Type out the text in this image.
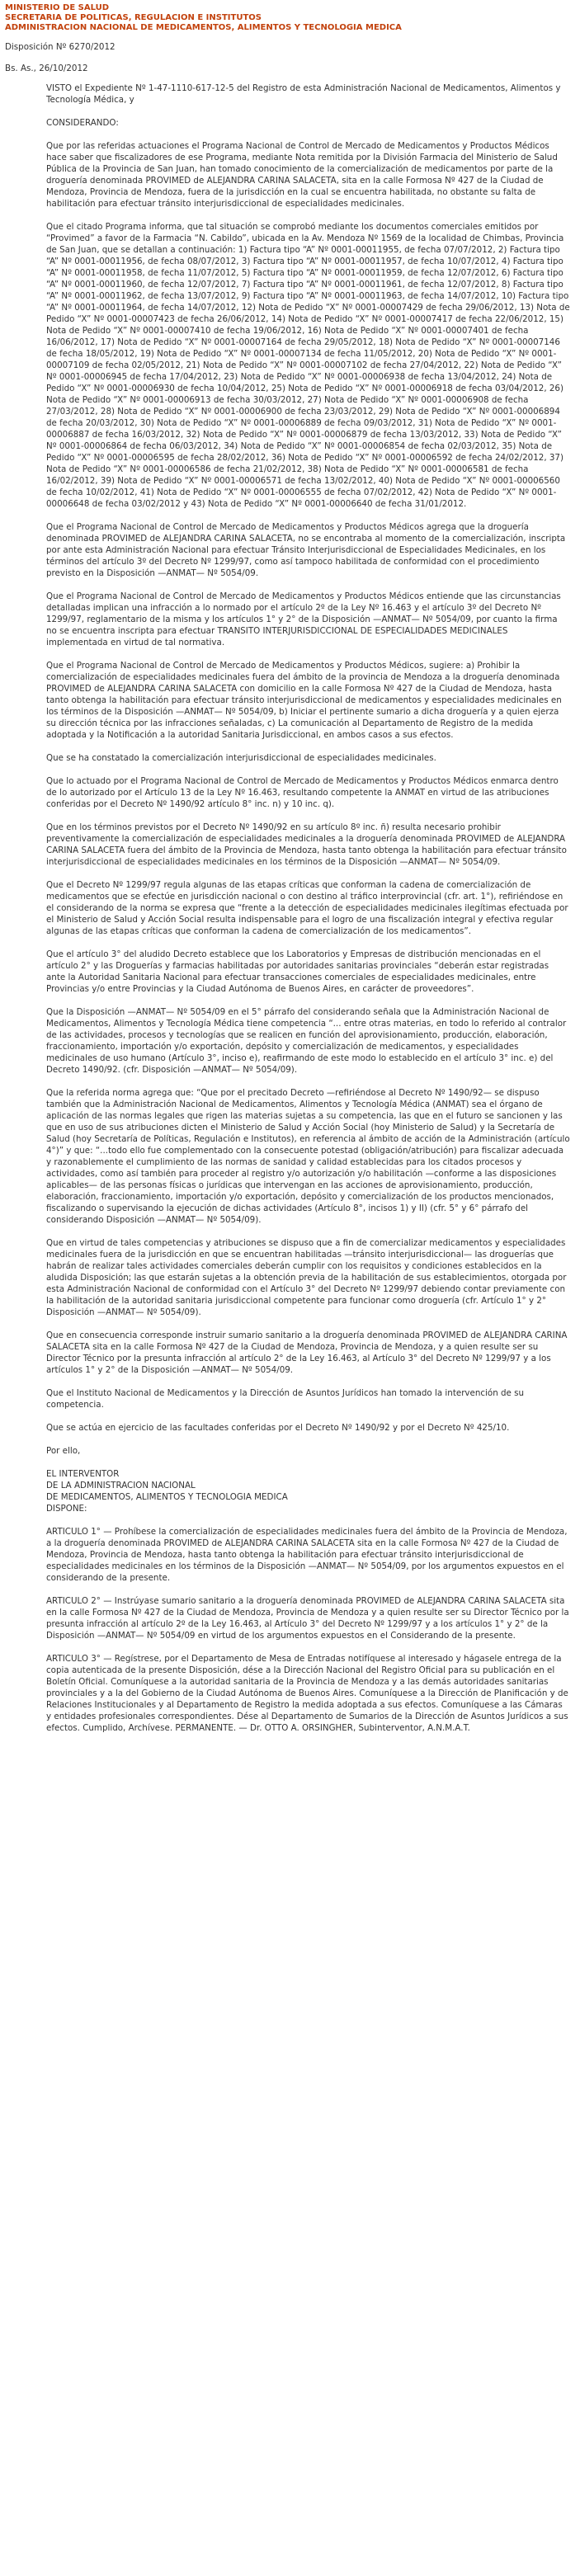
MINISTERIO DE SALUD
SECRETARIA DE POLITICAS, REGULACION E INSTITUTOS
ADMINISTRACION NACIONAL DE MEDICAMENTOS, ALIMENTOS Y TECNOLOGIA MEDICA
Disposición Nº 6270/2012
Bs. As., 26/10/2012

VISTO el Expediente Nº 1-47-1110-617-12-5 del Registro de esta Administración Nacional de Medicamentos, Alimentos y Tecnología Médica, y

CONSIDERANDO:

Que por las referidas actuaciones el Programa Nacional de Control de Mercado de Medicamentos y Productos Médicos hace saber que fiscalizadores de ese Programa, mediante Nota remitida por la División Farmacia del Ministerio de Salud Pública de la Provincia de San Juan, han tomado conocimiento de la comercialización de medicamentos por parte de la droguería denominada PROVIMED de ALEJANDRA CARINA SALACETA, sita en la calle Formosa Nº 427 de la Ciudad de Mendoza, Provincia de Mendoza, fuera de la jurisdicción en la cual se encuentra habilitada, no obstante su falta de habilitación para efectuar tránsito interjurisdiccional de especialidades medicinales.

Que el citado Programa informa, que tal situación se comprobó mediante los documentos comerciales emitidos por “Provimed” a favor de la Farmacia “N. Cabildo”, ubicada en la Av. Mendoza Nº 1569 de la localidad de Chimbas, Provincia de San Juan, que se detallan a continuación: 1) Factura tipo “A” Nº 0001-00011955, de fecha 07/07/2012, 2) Factura tipo “A” Nº 0001-00011956, de fecha 08/07/2012, 3) Factura tipo “A” Nº 0001-00011957, de fecha 10/07/2012, 4) Factura tipo “A” Nº 0001-00011958, de fecha 11/07/2012, 5) Factura tipo “A” Nº 0001-00011959, de fecha 12/07/2012, 6) Factura tipo “A” Nº 0001-00011960, de fecha 12/07/2012, 7) Factura tipo “A” Nº 0001-00011961, de fecha 12/07/2012, 8) Factura tipo “A” Nº 0001-00011962, de fecha 13/07/2012, 9) Factura tipo “A” Nº 0001-00011963, de fecha 14/07/2012, 10) Factura tipo “A” Nº 0001-00011964, de fecha 14/07/2012, 12) Nota de Pedido “X” Nº 0001-00007429 de fecha 29/06/2012, 13) Nota de Pedido “X” Nº 0001-00007423 de fecha 26/06/2012, 14) Nota de Pedido “X” Nº 0001-00007417 de fecha 22/06/2012, 15) Nota de Pedido “X” Nº 0001-00007410 de fecha 19/06/2012, 16) Nota de Pedido “X” Nº 0001-00007401 de fecha 16/06/2012, 17) Nota de Pedido “X” Nº 0001-00007164 de fecha 29/05/2012, 18) Nota de Pedido “X” Nº 0001-00007146 de fecha 18/05/2012, 19) Nota de Pedido “X” Nº 0001-00007134 de fecha 11/05/2012, 20) Nota de Pedido “X” Nº 0001-00007109 de fecha 02/05/2012, 21) Nota de Pedido “X” Nº 0001-00007102 de fecha 27/04/2012, 22) Nota de Pedido “X” Nº 0001-00006945 de fecha 17/04/2012, 23) Nota de Pedido “X” Nº 0001-00006938 de fecha 13/04/2012, 24) Nota de Pedido “X” Nº 0001-00006930 de fecha 10/04/2012, 25) Nota de Pedido “X” Nº 0001-00006918 de fecha 03/04/2012, 26) Nota de Pedido “X” Nº 0001-00006913 de fecha 30/03/2012, 27) Nota de Pedido “X” Nº 0001-00006908 de fecha 27/03/2012, 28) Nota de Pedido “X” Nº 0001-00006900 de fecha 23/03/2012, 29) Nota de Pedido “X” Nº 0001-00006894 de fecha 20/03/2012, 30) Nota de Pedido “X” Nº 0001-00006889 de fecha 09/03/2012, 31) Nota de Pedido “X” Nº 0001-00006887 de fecha 16/03/2012, 32) Nota de Pedido “X” Nº 0001-00006879 de fecha 13/03/2012, 33) Nota de Pedido “X” Nº 0001-00006864 de fecha 06/03/2012, 34) Nota de Pedido “X” Nº 0001-00006854 de fecha 02/03/2012, 35) Nota de Pedido “X” Nº 0001-00006595 de fecha 28/02/2012, 36) Nota de Pedido “X” Nº 0001-00006592 de fecha 24/02/2012, 37) Nota de Pedido “X” Nº 0001-00006586 de fecha 21/02/2012, 38) Nota de Pedido “X” Nº 0001-00006581 de fecha 16/02/2012, 39) Nota de Pedido “X” Nº 0001-00006571 de fecha 13/02/2012, 40) Nota de Pedido “X” Nº 0001-00006560 de fecha 10/02/2012, 41) Nota de Pedido “X” Nº 0001-00006555 de fecha 07/02/2012, 42) Nota de Pedido “X” Nº 0001-00006648 de fecha 03/02/2012 y 43) Nota de Pedido “X” Nº 0001-00006640 de fecha 31/01/2012.

Que el Programa Nacional de Control de Mercado de Medicamentos y Productos Médicos agrega que la droguería denominada PROVIMED de ALEJANDRA CARINA SALACETA, no se encontraba al momento de la comercialización, inscripta por ante esta Administración Nacional para efectuar Tránsito Interjurisdiccional de Especialidades Medicinales, en los términos del artículo 3º del Decreto Nº 1299/97, como así tampoco habilitada de conformidad con el procedimiento previsto en la Disposición —ANMAT— Nº 5054/09.

Que el Programa Nacional de Control de Mercado de Medicamentos y Productos Médicos entiende que las circunstancias detalladas implican una infracción a lo normado por el artículo 2º de la Ley Nº 16.463 y el artículo 3º del Decreto Nº 1299/97, reglamentario de la misma y los artículos 1° y 2° de la Disposición —ANMAT— Nº 5054/09, por cuanto la firma no se encuentra inscripta para efectuar TRANSITO INTERJURISDICCIONAL DE ESPECIALIDADES MEDICINALES implementada en virtud de tal normativa.

Que el Programa Nacional de Control de Mercado de Medicamentos y Productos Médicos, sugiere: a) Prohibir la comercialización de especialidades medicinales fuera del ámbito de la provincia de Mendoza a la droguería denominada PROVIMED de ALEJANDRA CARINA SALACETA con domicilio en la calle Formosa Nº 427 de la Ciudad de Mendoza, hasta tanto obtenga la habilitación para efectuar tránsito interjurisdiccional de medicamentos y especialidades medicinales en los términos de la Disposición —ANMAT— Nº 5054/09, b) Iniciar el pertinente sumario a dicha droguería y a quien ejerza su dirección técnica por las infracciones señaladas, c) La comunicación al Departamento de Registro de la medida adoptada y la Notificación a la autoridad Sanitaria Jurisdiccional, en ambos casos a sus efectos.

Que se ha constatado la comercialización interjurisdiccional de especialidades medicinales.

Que lo actuado por el Programa Nacional de Control de Mercado de Medicamentos y Productos Médicos enmarca dentro de lo autorizado por el Artículo 13 de la Ley Nº 16.463, resultando competente la ANMAT en virtud de las atribuciones conferidas por el Decreto Nº 1490/92 artículo 8° inc. n) y 10 inc. q).

Que en los términos previstos por el Decreto Nº 1490/92 en su artículo 8º inc. ñ) resulta necesario prohibir preventivamente la comercialización de especialidades medicinales a la droguería denominada PROVIMED de ALEJANDRA CARINA SALACETA fuera del ámbito de la Provincia de Mendoza, hasta tanto obtenga la habilitación para efectuar tránsito interjurisdiccional de especialidades medicinales en los términos de la Disposición —ANMAT— Nº 5054/09.

Que el Decreto Nº 1299/97 regula algunas de las etapas críticas que conforman la cadena de comercialización de medicamentos que se efectúe en jurisdicción nacional o con destino al tráfico interprovincial (cfr. art. 1°), refiriéndose en el considerando de la norma se expresa que “frente a la detección de especialidades medicinales ilegítimas efectuada por el Ministerio de Salud y Acción Social resulta indispensable para el logro de una fiscalización integral y efectiva regular algunas de las etapas críticas que conforman la cadena de comercialización de los medicamentos”.

Que el artículo 3° del aludido Decreto establece que los Laboratorios y Empresas de distribución mencionadas en el artículo 2° y las Droguerías y farmacias habilitadas por autoridades sanitarias provinciales “deberán estar registradas ante la Autoridad Sanitaria Nacional para efectuar transacciones comerciales de especialidades medicinales, entre Provincias y/o entre Provincias y la Ciudad Autónoma de Buenos Aires, en carácter de proveedores”.

Que la Disposición —ANMAT— Nº 5054/09 en el 5° párrafo del considerando señala que la Administración Nacional de Medicamentos, Alimentos y Tecnología Médica tiene competencia “... entre otras materias, en todo lo referido al contralor de las actividades, procesos y tecnologías que se realicen en función del aprovisionamiento, producción, elaboración, fraccionamiento, importación y/o exportación, depósito y comercialización de medicamentos, y especialidades medicinales de uso humano (Artículo 3°, inciso e), reafirmando de este modo lo establecido en el artículo 3° inc. e) del Decreto 1490/92. (cfr. Disposición —ANMAT— Nº 5054/09).

Que la referida norma agrega que: “Que por el precitado Decreto —refiriéndose al Decreto Nº 1490/92— se dispuso también que la Administración Nacional de Medicamentos, Alimentos y Tecnología Médica (ANMAT) sea el órgano de aplicación de las normas legales que rigen las materias sujetas a su competencia, las que en el futuro se sancionen y las que en uso de sus atribuciones dicten el Ministerio de Salud y Acción Social (hoy Ministerio de Salud) y la Secretaría de Salud (hoy Secretaría de Políticas, Regulación e Institutos), en referencia al ámbito de acción de la Administración (artículo 4°)” y que: “...todo ello fue complementado con la consecuente potestad (obligación/atribución) para fiscalizar adecuada y razonablemente el cumplimiento de las normas de sanidad y calidad establecidas para los citados procesos y actividades, como así también para proceder al registro y/o autorización y/o habilitación —conforme a las disposiciones aplicables— de las personas físicas o jurídicas que intervengan en las acciones de aprovisionamiento, producción, elaboración, fraccionamiento, importación y/o exportación, depósito y comercialización de los productos mencionados, fiscalizando o supervisando la ejecución de dichas actividades (Artículo 8°, incisos 1) y II) (cfr. 5° y 6° párrafo del considerando Disposición —ANMAT— Nº 5054/09).

Que en virtud de tales competencias y atribuciones se dispuso que a fin de comercializar medicamentos y especialidades medicinales fuera de la jurisdicción en que se encuentran habilitadas —tránsito interjurisdiccional— las droguerías que habrán de realizar tales actividades comerciales deberán cumplir con los requisitos y condiciones establecidos en la aludida Disposición; las que estarán sujetas a la obtención previa de la habilitación de sus establecimientos, otorgada por esta Administración Nacional de conformidad con el Artículo 3° del Decreto Nº 1299/97 debiendo contar previamente con la habilitación de la autoridad sanitaria jurisdiccional competente para funcionar como droguería (cfr. Artículo 1° y 2° Disposición —ANMAT— Nº 5054/09).

Que en consecuencia corresponde instruir sumario sanitario a la droguería denominada PROVIMED de ALEJANDRA CARINA SALACETA sita en la calle Formosa Nº 427 de la Ciudad de Mendoza, Provincia de Mendoza, y a quien resulte ser su Director Técnico por la presunta infracción al artículo 2° de la Ley 16.463, al Artículo 3° del Decreto Nº 1299/97 y a los artículos 1° y 2° de la Disposición —ANMAT— Nº 5054/09.

Que el Instituto Nacional de Medicamentos y la Dirección de Asuntos Jurídicos han tomado la intervención de su competencia.

Que se actúa en ejercicio de las facultades conferidas por el Decreto Nº 1490/92 y por el Decreto Nº 425/10.

Por ello,

EL INTERVENTOR
DE LA ADMINISTRACION NACIONAL
DE MEDICAMENTOS, ALIMENTOS Y TECNOLOGIA MEDICA
DISPONE:

ARTICULO 1° — Prohíbese la comercialización de especialidades medicinales fuera del ámbito de la Provincia de Mendoza, a la droguería denominada PROVIMED de ALEJANDRA CARINA SALACETA sita en la calle Formosa Nº 427 de la Ciudad de Mendoza, Provincia de Mendoza, hasta tanto obtenga la habilitación para efectuar tránsito interjurisdiccional de especialidades medicinales en los términos de la Disposición —ANMAT— Nº 5054/09, por los argumentos expuestos en el considerando de la presente.

ARTICULO 2° — Instrúyase sumario sanitario a la droguería denominada PROVIMED de ALEJANDRA CARINA SALACETA sita en la calle Formosa Nº 427 de la Ciudad de Mendoza, Provincia de Mendoza y a quien resulte ser su Director Técnico por la presunta infracción al artículo 2º de la Ley 16.463, al Artículo 3° del Decreto Nº 1299/97 y a los artículos 1° y 2° de la Disposición —ANMAT— Nº 5054/09 en virtud de los argumentos expuestos en el Considerando de la presente.

ARTICULO 3° — Regístrese, por el Departamento de Mesa de Entradas notifíquese al interesado y hágasele entrega de la copia autenticada de la presente Disposición, dése a la Dirección Nacional del Registro Oficial para su publicación en el Boletín Oficial. Comuníquese a la autoridad sanitaria de la Provincia de Mendoza y a las demás autoridades sanitarias provinciales y a la del Gobierno de la Ciudad Autónoma de Buenos Aires. Comuníquese a la Dirección de Planificación y de Relaciones Institucionales y al Departamento de Registro la medida adoptada a sus efectos. Comuníquese a las Cámaras y entidades profesionales correspondientes. Dése al Departamento de Sumarios de la Dirección de Asuntos Jurídicos a sus efectos. Cumplido, Archívese. PERMANENTE. — Dr. OTTO A. ORSINGHER, Subinterventor, A.N.M.A.T.
